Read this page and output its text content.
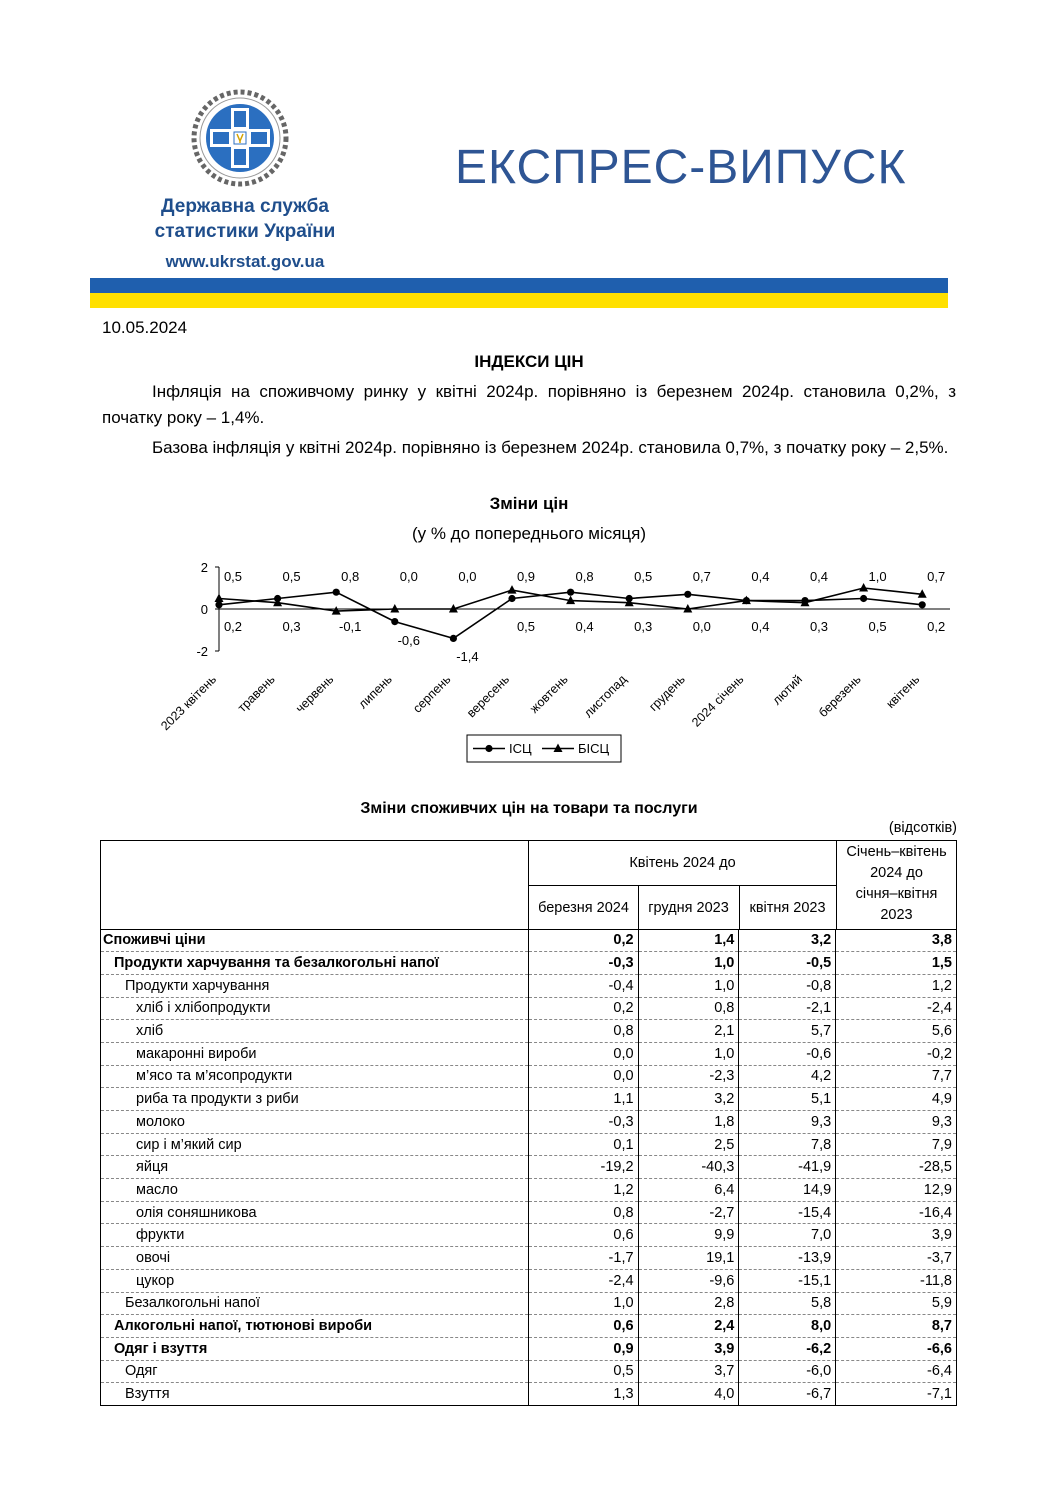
Державна служба
статистики України
www.ukrstat.gov.ua
ЕКСПРЕС-ВИПУСК
10.05.2024
ІНДЕКСИ ЦІН
Інфляція на споживчому ринку у квітні 2024р. порівняно із березнем 2024р. становила 0,2%, з початку року – 1,4%.
Базова інфляція у квітні 2024р. порівняно із березнем 2024р. становила 0,7%, з початку року – 2,5%.
Зміни цін
(у % до попереднього місяця)
2
0
-2
0,5	0,5	0,8	0,0	0,0	0,9	0,8	0,5	0,7	0,4	0,4	1,0	0,7
0,2	0,3	-0,1
-0,6
-1,4
0,5	0,4	0,3	0,0	0,4	0,3	0,5	0,2
2023 квітень травень червень липень серпень вересень жовтень листопад грудень 2024 січень лютий березень квітень
ІСЦ	БІСЦ
Зміни споживчих цін на товари та послуги
(відсотків)
Квітень 2024 до
березня 2024	грудня 2023	квітня 2023
Січень–квітень
2024 до
січня–квітня
2023
Споживчі ціни	0,2	1,4	3,2	3,8
Продукти харчування та безалкогольні напої	-0,3	1,0	-0,5	1,5
Продукти харчування	-0,4	1,0	-0,8	1,2
хліб і хлібопродукти	0,2	0,8	-2,1	-2,4
хліб	0,8	2,1	5,7	5,6
макаронні вироби	0,0	1,0	-0,6	-0,2
м’ясо та м’ясопродукти	0,0	-2,3	4,2	7,7
риба та продукти з риби	1,1	3,2	5,1	4,9
молоко	-0,3	1,8	9,3	9,3
сир і м’який сир	0,1	2,5	7,8	7,9
яйця	-19,2	-40,3	-41,9	-28,5
масло	1,2	6,4	14,9	12,9
олія соняшникова	0,8	-2,7	-15,4	-16,4
фрукти	0,6	9,9	7,0	3,9
овочі	-1,7	19,1	-13,9	-3,7
цукор	-2,4	-9,6	-15,1	-11,8
Безалкогольні напої	1,0	2,8	5,8	5,9
Алкогольні напої, тютюнові вироби	0,6	2,4	8,0	8,7
Одяг і взуття	0,9	3,9	-6,2	-6,6
Одяг	0,5	3,7	-6,0	-6,4
Взуття	1,3	4,0	-6,7	-7,1
